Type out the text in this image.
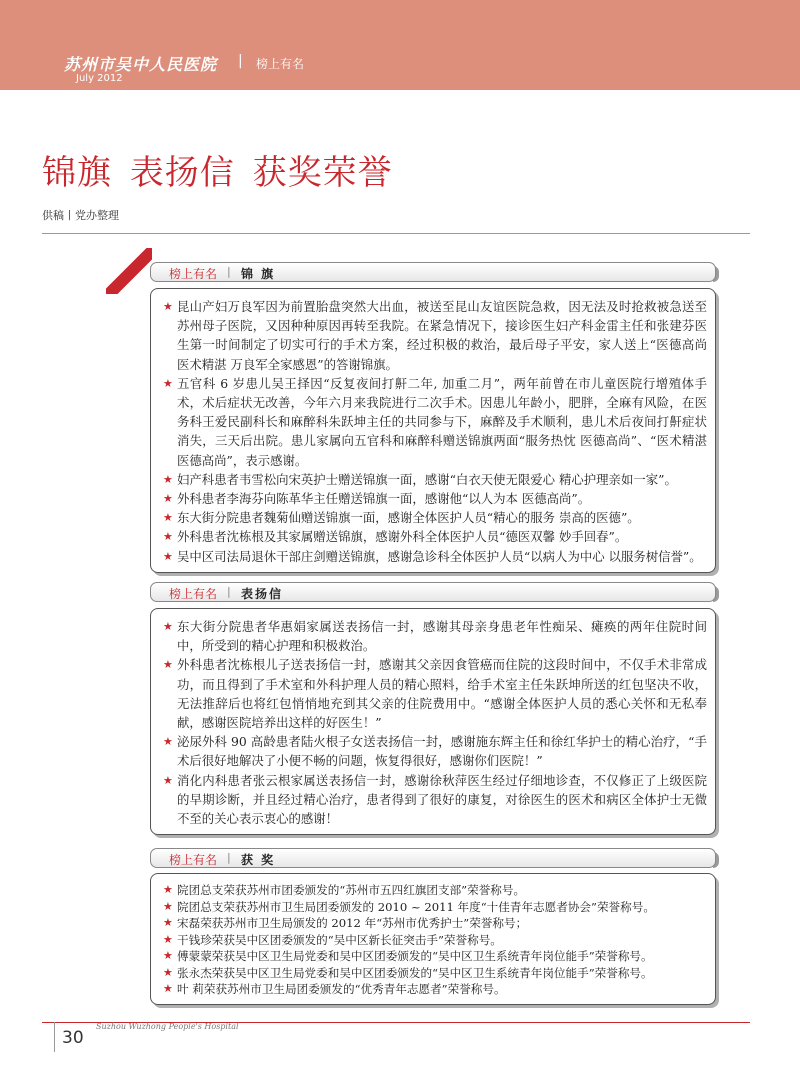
苏州市吴中人民医院 | 榜上有名
July 2012
锦旗 表扬信 获奖荣誉
供稿丨党办整理
榜上有名 | 锦 旗
★ 昆山产妇万良军因为前置胎盘突然大出血，被送至昆山友谊医院急救，因无法及时抢救被急送至苏州母子医院，又因种种原因再转至我院。在紧急情况下，接诊医生妇产科金雷主任和张建芬医生第一时间制定了切实可行的手术方案，经过积极的救治，最后母子平安，家人送上“医德高尚 医术精湛 万良军全家感恩”的答谢锦旗。
★ 五官科 6 岁患儿吴王择因“反复夜间打鼾二年, 加重二月”，两年前曾在市儿童医院行增殖体手术，术后症状无改善，今年六月来我院进行二次手术。因患儿年龄小，肥胖，全麻有风险，在医务科王爱民副科长和麻醉科朱跃坤主任的共同参与下，麻醉及手术顺利，患儿术后夜间打鼾症状消失，三天后出院。患儿家属向五官科和麻醉科赠送锦旗两面“服务热忱 医德高尚”、“医术精湛 医德高尚”，表示感谢。
★ 妇产科患者韦雪松向宋英护士赠送锦旗一面，感谢“白衣天使无限爱心 精心护理亲如一家”。
★ 外科患者李海芬向陈革华主任赠送锦旗一面，感谢他“以人为本 医德高尚”。
★ 东大街分院患者魏菊仙赠送锦旗一面，感谢全体医护人员“精心的服务 崇高的医德”。
★ 外科患者沈栋根及其家属赠送锦旗，感谢外科全体医护人员“德医双馨 妙手回春”。
★ 吴中区司法局退休干部庄剑赠送锦旗，感谢急诊科全体医护人员“以病人为中心 以服务树信誉”。
榜上有名 | 表扬信
★ 东大街分院患者华惠娟家属送表扬信一封，感谢其母亲身患老年性痴呆、瘫痪的两年住院时间中，所受到的精心护理和积极救治。
★ 外科患者沈栋根儿子送表扬信一封，感谢其父亲因食管癌而住院的这段时间中，不仅手术非常成功，而且得到了手术室和外科护理人员的精心照料，给手术室主任朱跃坤所送的红包坚决不收，无法推辞后也将红包悄悄地充到其父亲的住院费用中。“感谢全体医护人员的悉心关怀和无私奉献，感谢医院培养出这样的好医生！”
★ 泌尿外科 90 高龄患者陆火根子女送表扬信一封，感谢施东辉主任和徐红华护士的精心治疗，“手术后很好地解决了小便不畅的问题，恢复得很好，感谢你们医院！”
★ 消化内科患者张云根家属送表扬信一封，感谢徐秋萍医生经过仔细地诊查，不仅修正了上级医院的早期诊断，并且经过精心治疗，患者得到了很好的康复，对徐医生的医术和病区全体护士无微不至的关心表示衷心的感谢！
榜上有名 | 获 奖
★ 院团总支荣获苏州市团委颁发的“苏州市五四红旗团支部”荣誉称号。
★ 院团总支荣获苏州市卫生局团委颁发的 2010 ~ 2011 年度“十佳青年志愿者协会”荣誉称号。
★ 宋磊荣获苏州市卫生局颁发的 2012 年“苏州市优秀护士”荣誉称号；
★ 干钱珍荣获吴中区团委颁发的“吴中区新长征突击手”荣誉称号。
★ 傅蒙蒙荣获吴中区卫生局党委和吴中区团委颁发的“吴中区卫生系统青年岗位能手”荣誉称号。
★ 张永杰荣获吴中区卫生局党委和吴中区团委颁发的“吴中区卫生系统青年岗位能手”荣誉称号。
★ 叶 莉荣获苏州市卫生局团委颁发的“优秀青年志愿者”荣誉称号。
30
Suzhou Wuzhong People's Hospital
